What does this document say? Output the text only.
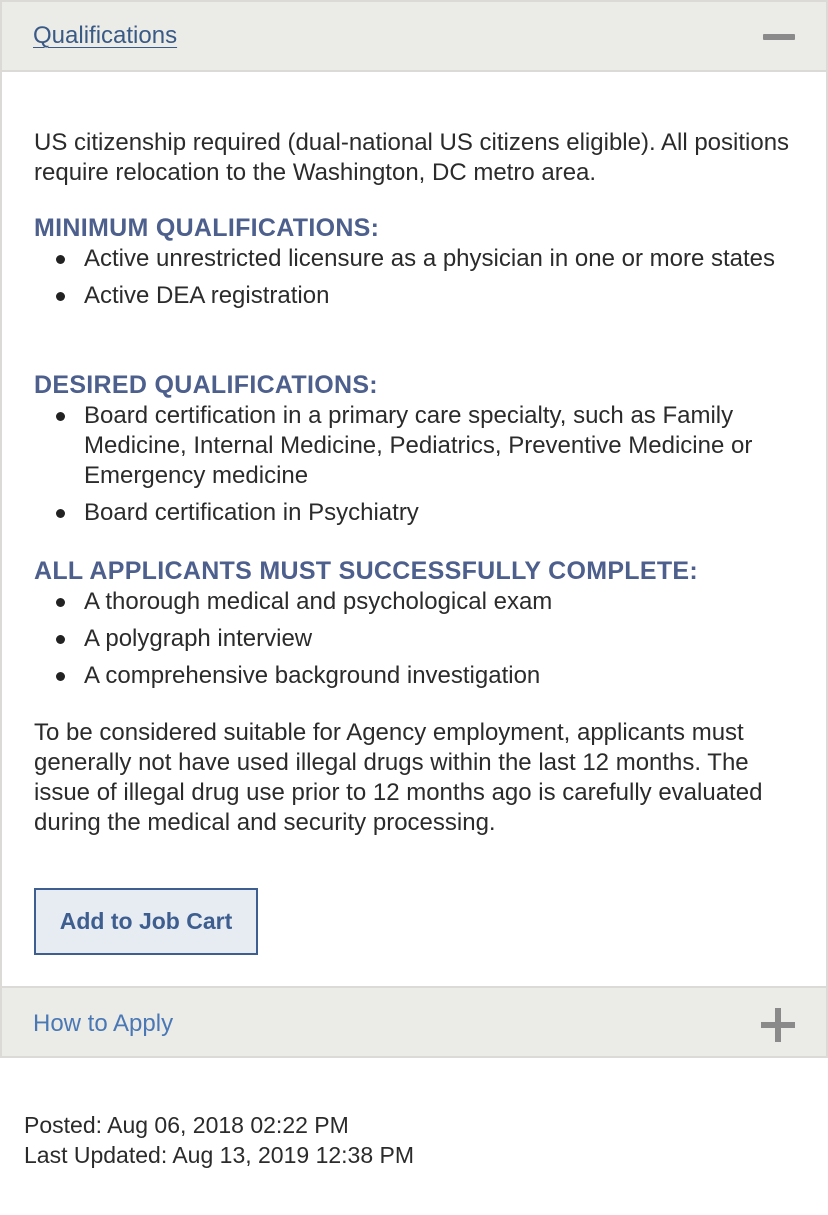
Qualifications

US citizenship required (dual-national US citizens eligible). All positions require relocation to the Washington, DC metro area.

MINIMUM QUALIFICATIONS:
Active unrestricted licensure as a physician in one or more states
Active DEA registration
DESIRED QUALIFICATIONS:
Board certification in a primary care specialty, such as Family Medicine, Internal Medicine, Pediatrics, Preventive Medicine or Emergency medicine
Board certification in Psychiatry
ALL APPLICANTS MUST SUCCESSFULLY COMPLETE:
A thorough medical and psychological exam
A polygraph interview
A comprehensive background investigation

To be considered suitable for Agency employment, applicants must generally not have used illegal drugs within the last 12 months. The issue of illegal drug use prior to 12 months ago is carefully evaluated during the medical and security processing.

Add to Job Cart
How to Apply
Posted: Aug 06, 2018 02:22 PM
Last Updated: Aug 13, 2019 12:38 PM
